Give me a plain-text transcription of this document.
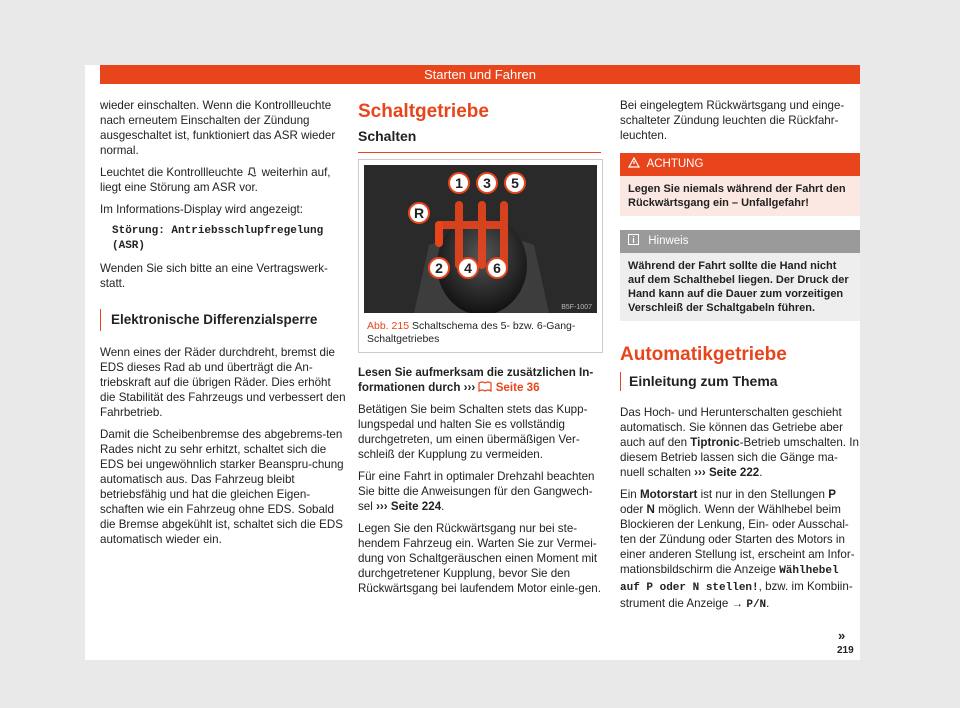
Starten und Fahren

wieder einschalten. Wenn die Kontrollleuchte nach erneutem Einschalten der Zündung ausgeschaltet ist, funktioniert das ASR wieder normal.

Leuchtet die Kontrollleuchte weiterhin auf, liegt eine Störung am ASR vor.

Im Informations-Display wird angezeigt:

Störung: Antriebsschlupfregelung
(ASR)

Wenden Sie sich bitte an eine Vertragswerk-statt.

Elektronische Differenzialsperre

Wenn eines der Räder durchdreht, bremst die EDS dieses Rad ab und überträgt die An-triebskraft auf die übrigen Räder. Dies erhöht die Stabilität des Fahrzeugs und verbessert den Fahrbetrieb.

Damit die Scheibenbremse des abgebrems-ten Rades nicht zu sehr erhitzt, schaltet sich die EDS bei ungewöhnlich starker Beanspru-chung automatisch aus. Das Fahrzeug bleibt betriebsfähig und hat die gleichen Eigen-schaften wie ein Fahrzeug ohne EDS. Sobald die Bremse abgekühlt ist, schaltet sich die EDS automatisch wieder ein.

Schaltgetriebe
Schalten
1 3 5
R
2 4 6
B5F-1007
Abb. 215 Schaltschema des 5- bzw. 6-Gang-Schaltgetriebes

Lesen Sie aufmerksam die zusätzlichen In-formationen durch ›››  Seite 36

Betätigen Sie beim Schalten stets das Kupp-lungspedal und halten Sie es vollständig durchgetreten, um einen übermäßigen Ver-schleiß der Kupplung zu vermeiden.

Für eine Fahrt in optimaler Drehzahl beachten Sie bitte die Anweisungen für den Gangwech-sel ››› Seite 224.

Legen Sie den Rückwärtsgang nur bei ste-hendem Fahrzeug ein. Warten Sie zur Vermei-dung von Schaltgeräuschen einen Moment mit durchgetretener Kupplung, bevor Sie den Rückwärtsgang bei laufendem Motor einle-gen.

Bei eingelegtem Rückwärtsgang und einge-schalteter Zündung leuchten die Rückfahr-leuchten.

ACHTUNG
Legen Sie niemals während der Fahrt den Rückwärtsgang ein – Unfallgefahr!
Hinweis
Während der Fahrt sollte die Hand nicht auf dem Schalthebel liegen. Der Druck der Hand kann auf die Dauer zum vorzeitigen Verschleiß der Schaltgabeln führen.
Automatikgetriebe
Einleitung zum Thema

Das Hoch- und Herunterschalten geschieht automatisch. Sie können das Getriebe aber auch auf den Tiptronic-Betrieb umschalten. In diesem Betrieb lassen sich die Gänge ma-nuell schalten ››› Seite 222.

Ein Motorstart ist nur in den Stellungen P oder N möglich. Wenn der Wählhebel beim Blockieren der Lenkung, Ein- oder Ausschal-ten der Zündung oder Starten des Motors in einer anderen Stellung ist, erscheint am Infor-mationsbildschirm die Anzeige Wählhebel auf P oder N stellen!, bzw. im Kombiin-strument die Anzeige → P/N.

»
219
